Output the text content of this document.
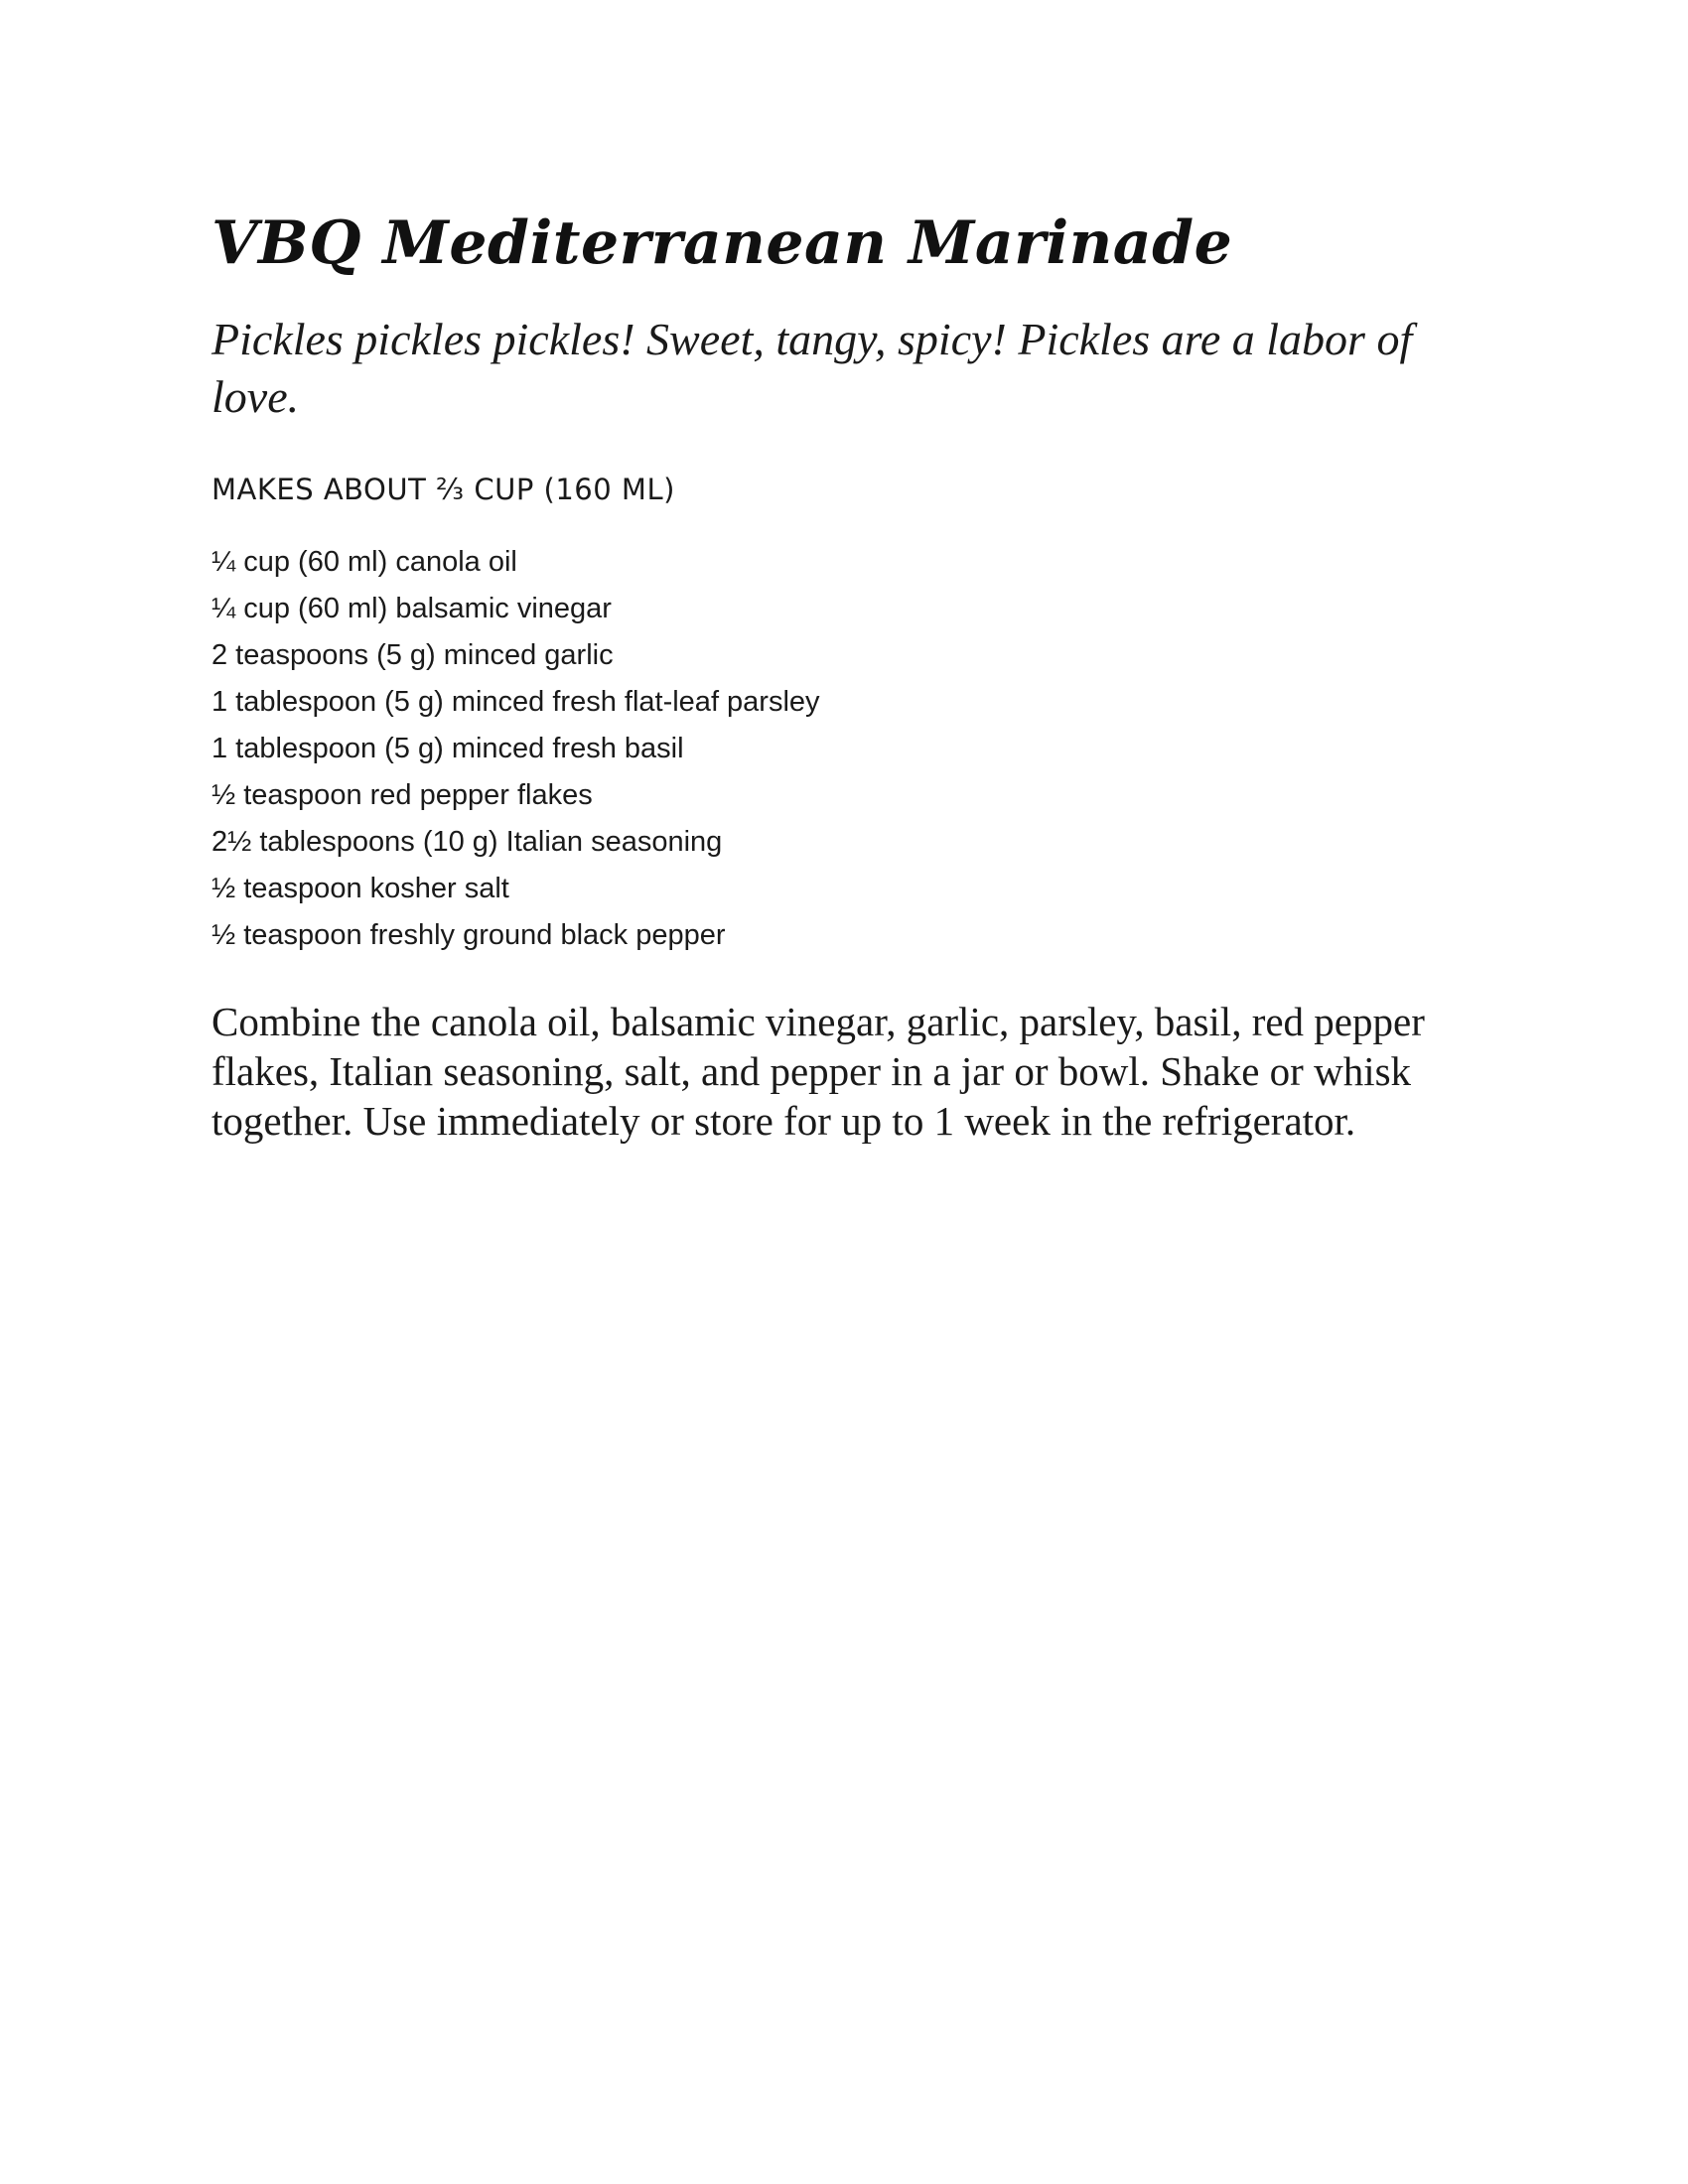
VBQ Mediterranean Marinade

Pickles pickles pickles! Sweet, tangy, spicy! Pickles are a labor of love.

MAKES ABOUT ⅔ CUP (160 ML)

¼ cup (60 ml) canola oil
¼ cup (60 ml) balsamic vinegar
2 teaspoons (5 g) minced garlic
1 tablespoon (5 g) minced fresh flat-leaf parsley
1 tablespoon (5 g) minced fresh basil
½ teaspoon red pepper flakes
2½ tablespoons (10 g) Italian seasoning
½ teaspoon kosher salt
½ teaspoon freshly ground black pepper

Combine the canola oil, balsamic vinegar, garlic, parsley, basil, red pepper flakes, Italian seasoning, salt, and pepper in a jar or bowl. Shake or whisk together. Use immediately or store for up to 1 week in the refrigerator.
